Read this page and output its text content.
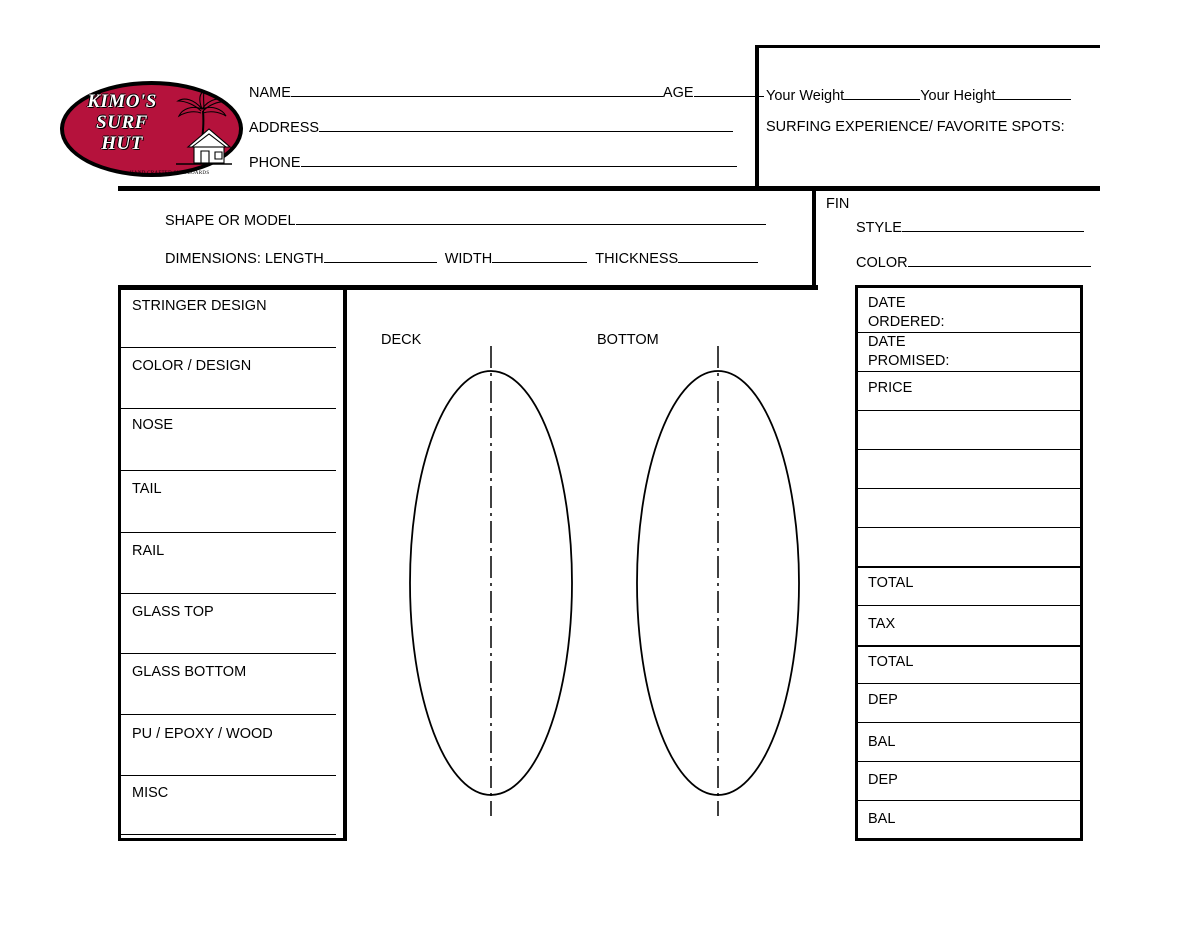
KIMO'S
SURF
HUT
HAND CRAFTED SURFBOARDS
NAME	AGE
ADDRESS
PHONE
Your Weight	Your Height
SURFING EXPERIENCE/ FAVORITE SPOTS:
SHAPE OR MODEL
DIMENSIONS: LENGTH	WIDTH	THICKNESS
FIN
STYLE
COLOR
STRINGER DESIGN
COLOR / DESIGN
NOSE
TAIL
RAIL
GLASS TOP
GLASS BOTTOM
PU / EPOXY / WOOD
MISC
DECK	BOTTOM
DATE
ORDERED:
DATE
PROMISED:
PRICE
TOTAL
TAX
TOTAL
DEP
BAL
DEP
BAL
